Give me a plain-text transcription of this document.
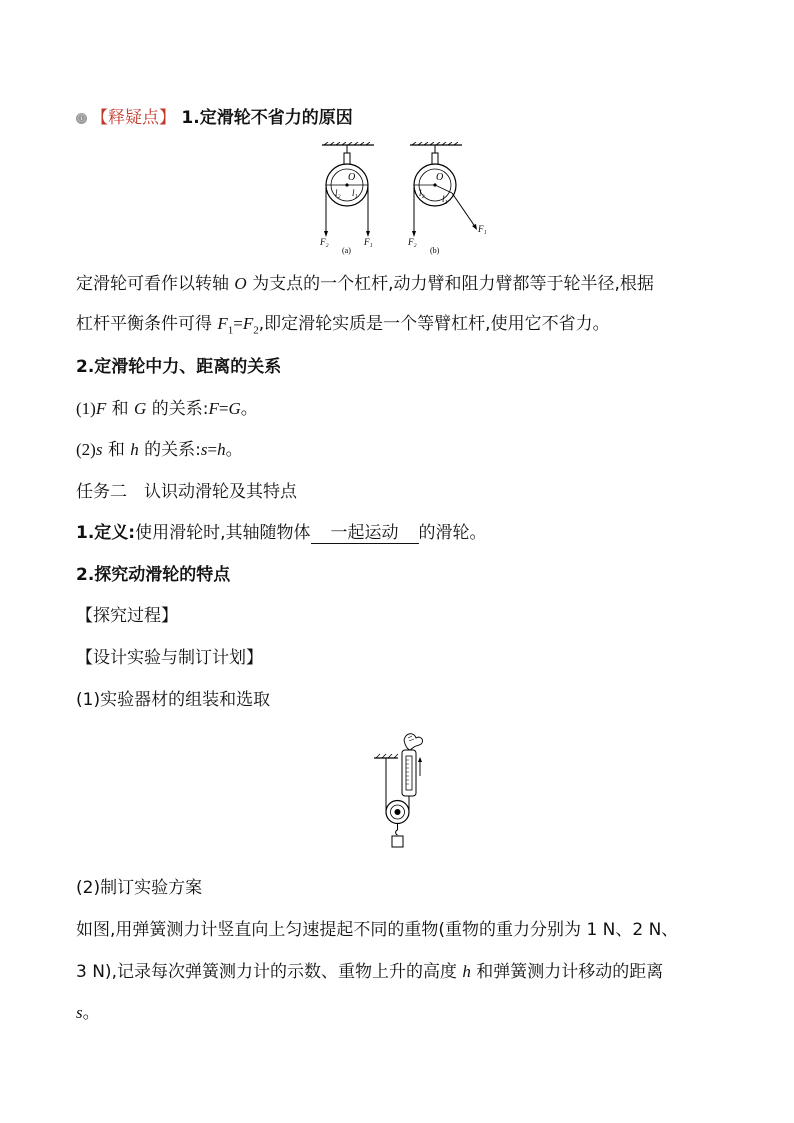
ⓘ 【释疑点】 1.定滑轮不省力的原因
O
l₂ l₁
F₂	F₁
(a)
O
l₂
l₁
F₂
F₁
(b)
定滑轮可看作以转轴 O 为支点的一个杠杆,动力臂和阻力臂都等于轮半径,根据
杠杆平衡条件可得 $F_1=F_2$,即定滑轮实质是一个等臂杠杆,使用它不省力。
2.定滑轮中力、距离的关系
(1)F 和 G 的关系:F=G。
(2)s 和 h 的关系:s=h。
任务二　认识动滑轮及其特点
1.定义:使用滑轮时,其轴随物体 一起运动 的滑轮。
2.探究动滑轮的特点
【探究过程】
【设计实验与制订计划】
(1)实验器材的组装和选取
(2)制订实验方案
如图,用弹簧测力计竖直向上匀速提起不同的重物(重物的重力分别为 1 N、2 N、
3 N),记录每次弹簧测力计的示数、重物上升的高度 h 和弹簧测力计移动的距离
s。
